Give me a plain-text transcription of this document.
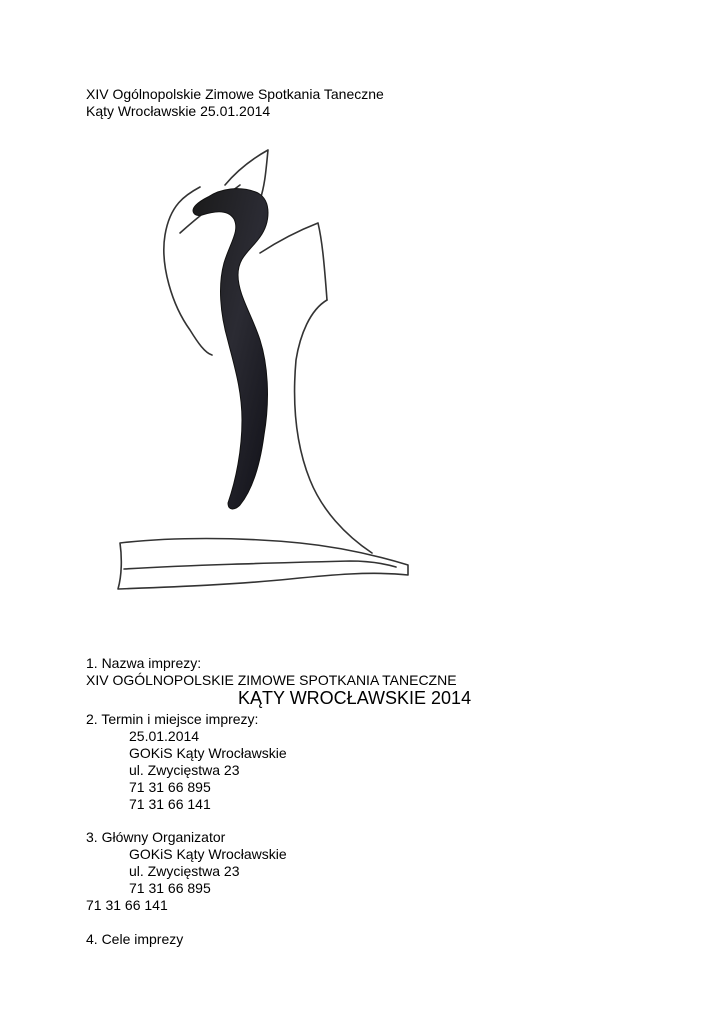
XIV Ogólnopolskie Zimowe Spotkania Taneczne
Kąty Wrocławskie 25.01.2014
1. Nazwa imprezy:
XIV OGÓLNOPOLSKIE ZIMOWE SPOTKANIA TANECZNE
KĄTY WROCŁAWSKIE 2014
2. Termin i miejsce imprezy:
25.01.2014
GOKiS Kąty Wrocławskie
ul. Zwycięstwa 23
71 31 66 895
71 31 66 141
3. Główny Organizator
GOKiS Kąty Wrocławskie
ul. Zwycięstwa 23
71 31 66 895
71 31 66 141
4. Cele imprezy
